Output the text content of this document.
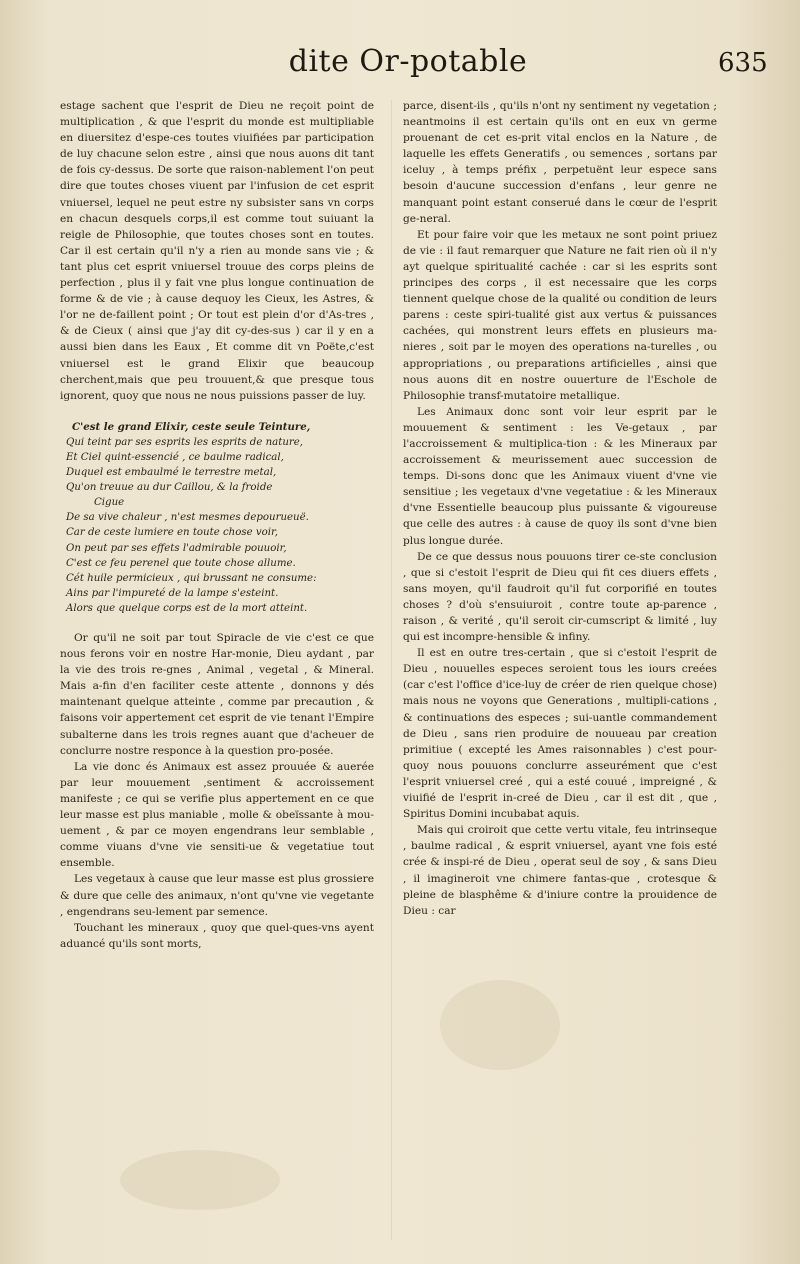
dite Or-potable	635

estage sachent que l'esprit de Dieu ne reçoit point de multiplication , & que l'esprit du monde est multipliable en diuersitez d'espe-ces toutes viuifiées par participation de luy chacune selon estre , ainsi que nous auons dit tant de fois cy-dessus. De sorte que raison-nablement l'on peut dire que toutes choses viuent par l'infusion de cet esprit vniuersel, lequel ne peut estre ny subsister sans vn corps en chacun desquels corps,il est comme tout suiuant la reigle de Philosophie, que toutes choses sont en toutes. Car il est certain qu'il n'y a rien au monde sans vie ; & tant plus cet esprit vniuersel trouue des corps pleins de perfection , plus il y fait vne plus longue continuation de forme & de vie ; à cause dequoy les Cieux, les Astres, & l'or ne de-faillent point ; Or tout est plein d'or d'As-tres , & de Cieux ( ainsi que j'ay dit cy-des-sus ) car il y en a aussi bien dans les Eaux , Et comme dit vn Poëte,c'est vniuersel est le grand Elixir que beaucoup cherchent,mais que peu trouuent,& que presque tous ignorent, quoy que nous ne nous puissions passer de luy.

C'est le grand Elixir, ceste seule Teinture,
Qui teint par ses esprits les esprits de nature,
Et Ciel quint-essencié , ce baulme radical,
Duquel est embaulmé le terrestre metal,
Qu'on treuue au dur Caillou, & la froide
Cigue
De sa vive chaleur , n'est mesmes depourueuë.
Car de ceste lumiere en toute chose voir,
On peut par ses effets l'admirable pouuoir,
C'est ce feu perenel que toute chose allume.
Cét huile permicieux , qui brussant ne consume:
Ains par l'impureté de la lampe s'esteint.
Alors que quelque corps est de la mort atteint.

Or qu'il ne soit par tout Spiracle de vie c'est ce que nous ferons voir en nostre Har-monie, Dieu aydant , par la vie des trois re-gnes , Animal , vegetal , & Mineral. Mais a-fin d'en faciliter ceste attente , donnons y dés maintenant quelque atteinte , comme par precaution , & faisons voir appertement cet esprit de vie tenant l'Empire subalterne dans les trois regnes auant que d'acheuer de conclurre nostre responce à la question pro-posée.

La vie donc és Animaux est assez prouuée & auerée par leur mouuement ,sentiment & accroissement manifeste ; ce qui se verifie plus appertement en ce que leur masse est plus maniable , molle & obeïssante à mou-uement , & par ce moyen engendrans leur semblable , comme viuans d'vne vie sensiti-ue & vegetatiue tout ensemble.

Les vegetaux à cause que leur masse est plus grossiere & dure que celle des animaux, n'ont qu'vne vie vegetante , engendrans seu-lement par semence.

Touchant les mineraux , quoy que quel-ques-vns ayent aduancé qu'ils sont morts,

parce, disent-ils , qu'ils n'ont ny sentiment ny vegetation ; neantmoins il est certain qu'ils ont en eux vn germe prouenant de cet es-prit vital enclos en la Nature , de laquelle les effets Generatifs , ou semences , sortans par iceluy , à temps préfix , perpetuënt leur espece sans besoin d'aucune succession d'enfans , leur genre ne manquant point estant conserué dans le cœur de l'esprit ge-neral.

Et pour faire voir que les metaux ne sont point priuez de vie : il faut remarquer que Nature ne fait rien où il n'y ayt quelque spiritualité cachée : car si les esprits sont principes des corps , il est necessaire que les corps tiennent quelque chose de la qualité ou condition de leurs parens : ceste spiri-tualité gist aux vertus & puissances cachées, qui monstrent leurs effets en plusieurs ma-nieres , soit par le moyen des operations na-turelles , ou appropriations , ou preparations artificielles , ainsi que nous auons dit en nostre ouuerture de l'Eschole de Philosophie transf-mutatoire metallique.

Les Animaux donc sont voir leur esprit par le mouuement & sentiment : les Ve-getaux , par l'accroissement & multiplica-tion : & les Mineraux par accroissement & meurissement auec succession de temps. Di-sons donc que les Animaux viuent d'vne vie sensitiue ; les vegetaux d'vne vegetatiue : & les Mineraux d'vne Essentielle beaucoup plus puissante & vigoureuse que celle des autres : à cause de quoy ils sont d'vne bien plus longue durée.

De ce que dessus nous pouuons tirer ce-ste conclusion , que si c'estoit l'esprit de Dieu qui fit ces diuers effets , sans moyen, qu'il faudroit qu'il fut corporifié en toutes choses ? d'où s'ensuiuroit , contre toute ap-parence , raison , & verité , qu'il seroit cir-cumscript & limité , luy qui est incompre-hensible & infiny.

Il est en outre tres-certain , que si c'estoit l'esprit de Dieu , nouuelles especes seroient tous les iours creées (car c'est l'office d'ice-luy de créer de rien quelque chose) mais nous ne voyons que Generations , multipli-cations , & continuations des especes ; sui-uantle commandement de Dieu , sans rien produire de nouueau par creation primitiue ( excepté les Ames raisonnables ) c'est pour-quoy nous pouuons conclurre asseurément que c'est l'esprit vniuersel creé , qui a esté couué , impreigné , & viuifié de l'esprit in-creé de Dieu , car il est dit , que , Spiritus Domini incubabat aquis.

Mais qui croiroit que cette vertu vitale, feu intrinseque , baulme radical , & esprit vniuersel, ayant vne fois esté crée & inspi-ré de Dieu , operat seul de soy , & sans Dieu , il imagineroit vne chimere fantas-que , crotesque & pleine de blasphême & d'iniure contre la prouidence de Dieu : car
